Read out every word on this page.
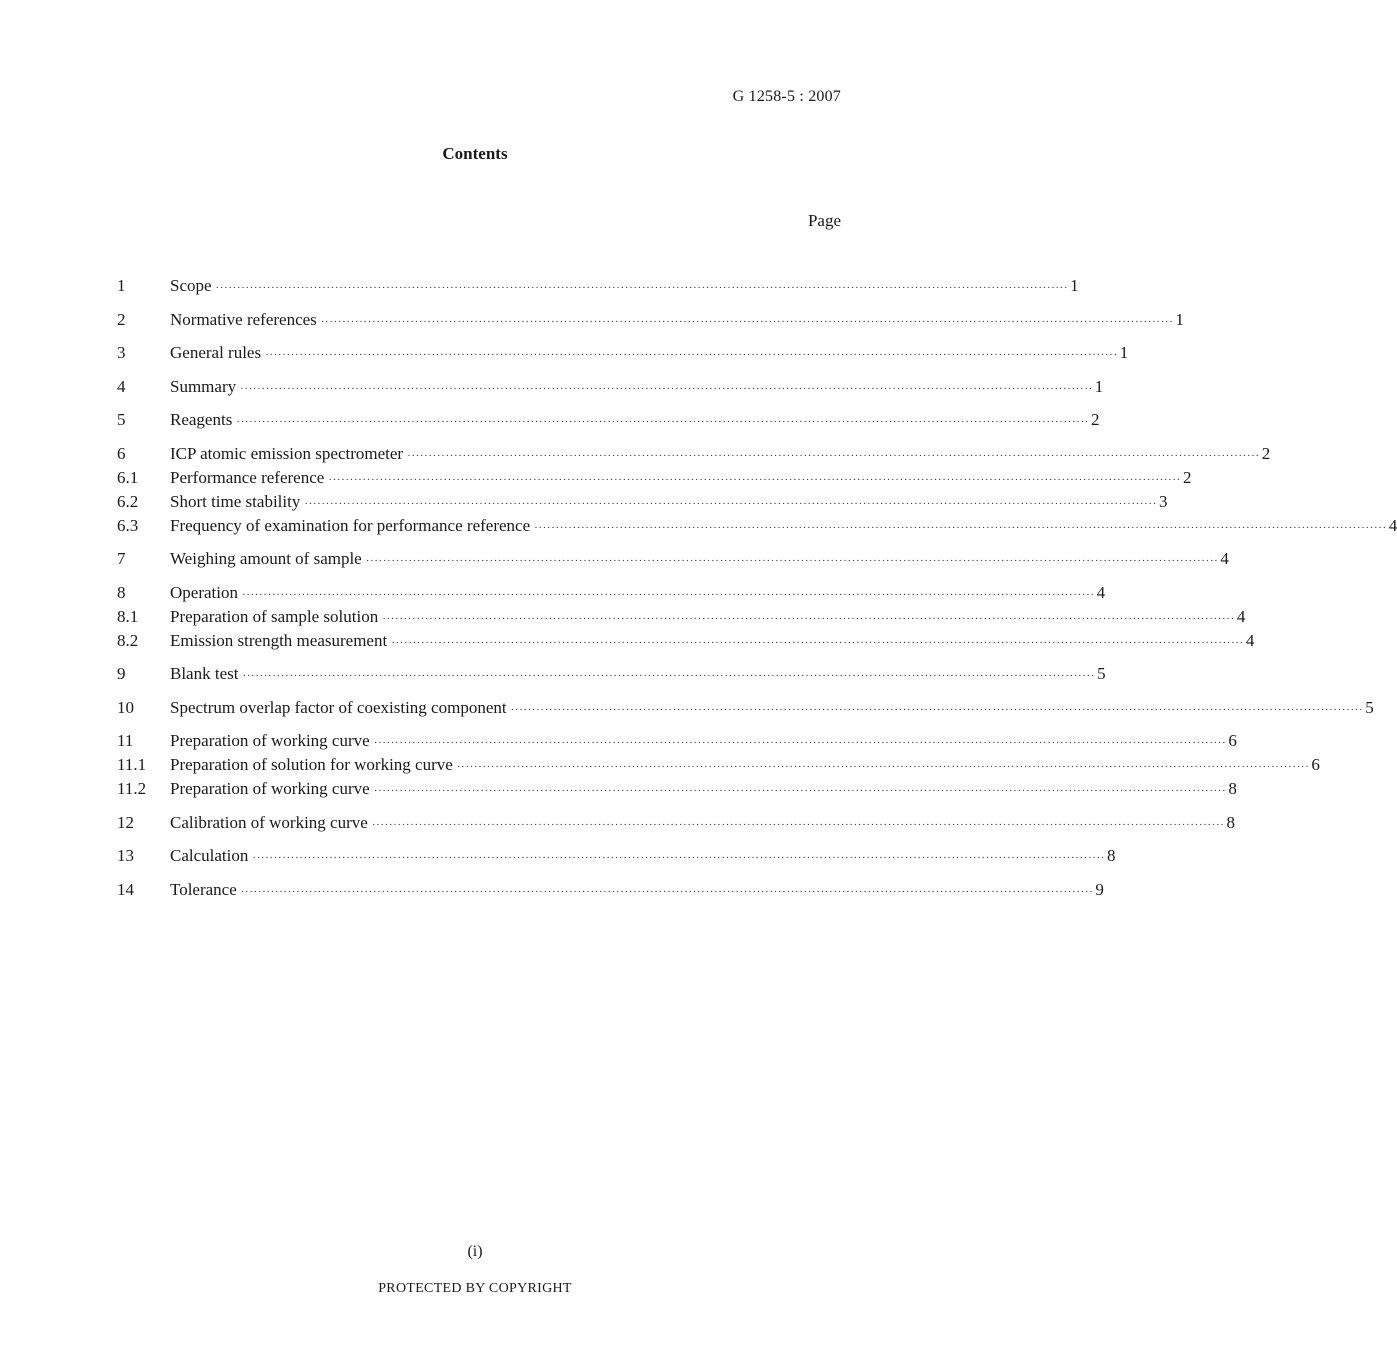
G 1258-5 : 2007
Contents
Page
1	Scope ········································································································································································································ 1
2	Normative references ········································································································································································································ 1
3	General rules ········································································································································································································ 1
4	Summary ········································································································································································································ 1
5	Reagents ········································································································································································································ 2
6	ICP atomic emission spectrometer ········································································································································································································ 2
6.1	Performance reference ········································································································································································································ 2
6.2	Short time stability ········································································································································································································ 3
6.3	Frequency of examination for performance reference ········································································································································································································ 4
7	Weighing amount of sample ········································································································································································································ 4
8	Operation ········································································································································································································ 4
8.1	Preparation of sample solution ········································································································································································································ 4
8.2	Emission strength measurement ········································································································································································································ 4
9	Blank test ········································································································································································································ 5
10	Spectrum overlap factor of coexisting component ········································································································································································································ 5
11	Preparation of working curve ········································································································································································································ 6
11.1	Preparation of solution for working curve ········································································································································································································ 6
11.2	Preparation of working curve ········································································································································································································ 8
12	Calibration of working curve ········································································································································································································ 8
13	Calculation ········································································································································································································ 8
14	Tolerance ········································································································································································································ 9
(i)
PROTECTED BY COPYRIGHT
